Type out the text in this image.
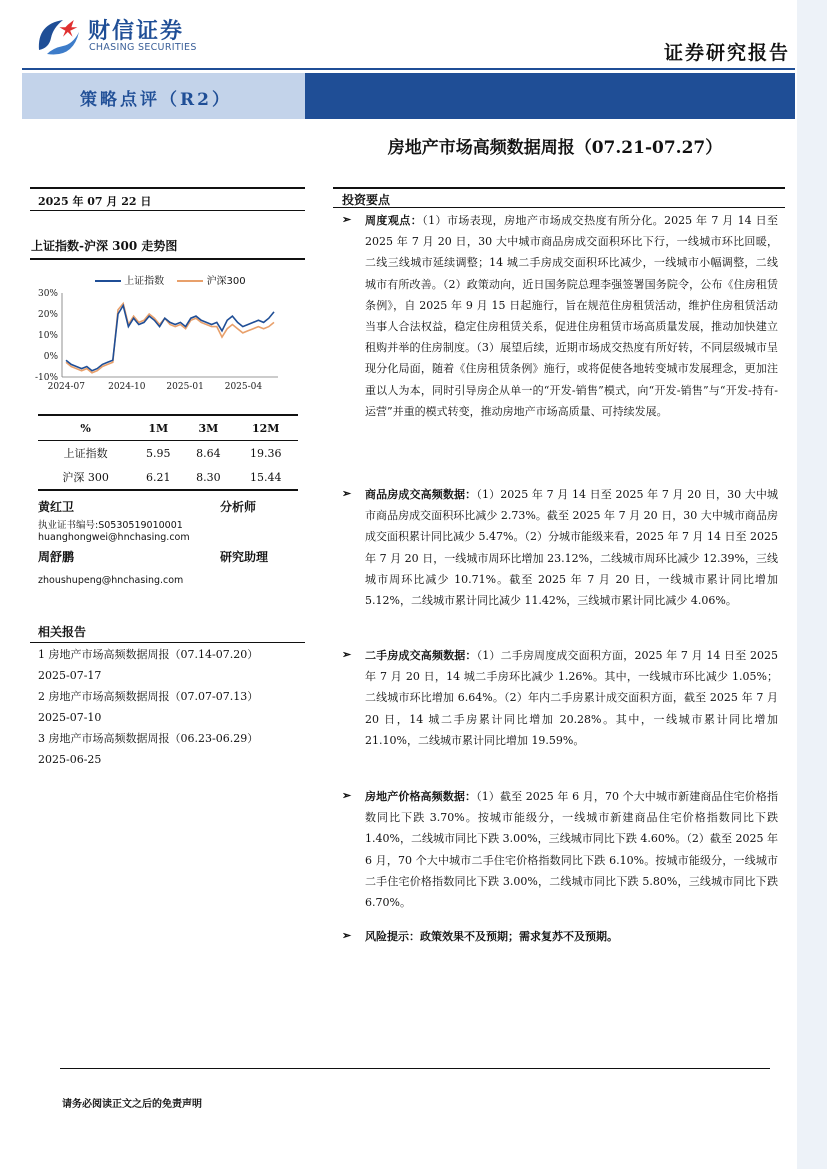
财信证券
CHASING SECURITIES	证券研究报告
策略点评（R2）
房地产市场高频数据周报（07.21-07.27）
2025 年 07 月 22 日
上证指数-沪深 300 走势图
上证指数	沪深300
30%
20%
10%
0%
-10%
2024-07	2024-10 2025-01 2025-04
%	1M	3M	12M
上证指数	5.95	8.64	19.36
沪深 300	6.21	8.30	15.44
黄红卫	分析师
执业证书编号:S0530519010001
huanghongwei@hnchasing.com
周舒鹏	研究助理
zhoushupeng@hnchasing.com
相关报告
1 房地产市场高频数据周报（07.14-07.20）
2025-07-17
2 房地产市场高频数据周报（07.07-07.13）
2025-07-10
3 房地产市场高频数据周报（06.23-06.29）
2025-06-25
投资要点
➢ 周度观点：（1）市场表现，房地产市场成交热度有所分化。2025 年 7 月 14 日至 2025 年 7 月 20 日，30 大中城市商品房成交面积环比下行，一线城市环比回暖，二线三线城市延续调整；14 城二手房成交面积环比减少，一线城市小幅调整，二线城市有所改善。（2）政策动向，近日国务院总理李强签署国务院令，公布《住房租赁条例》，自 2025 年 9 月 15 日起施行，旨在规范住房租赁活动，维护住房租赁活动当事人合法权益，稳定住房租赁关系，促进住房租赁市场高质量发展，推动加快建立租购并举的住房制度。（3）展望后续，近期市场成交热度有所好转，不同层级城市呈现分化局面，随着《住房租赁条例》施行，或将促使各地转变城市发展理念，更加注重以人为本，同时引导房企从单一的“开发-销售”模式，向“开发-销售”与“开发-持有-运营”并重的模式转变，推动房地产市场高质量、可持续发展。
➢ 商品房成交高频数据：（1）2025 年 7 月 14 日至 2025 年 7 月 20 日，30 大中城市商品房成交面积环比减少 2.73%。截至 2025 年 7 月 20 日，30 大中城市商品房成交面积累计同比减少 5.47%。（2）分城市能级来看，2025 年 7 月 14 日至 2025 年 7 月 20 日，一线城市周环比增加 23.12%，二线城市周环比减少 12.39%，三线城市周环比减少 10.71%。截至 2025 年 7 月 20 日，一线城市累计同比增加 5.12%，二线城市累计同比减少 11.42%，三线城市累计同比减少 4.06%。
➢ 二手房成交高频数据：（1）二手房周度成交面积方面，2025 年 7 月 14 日至 2025 年 7 月 20 日，14 城二手房环比减少 1.26%。其中，一线城市环比减少 1.05%；二线城市环比增加 6.64%。（2）年内二手房累计成交面积方面，截至 2025 年 7 月 20 日，14 城二手房累计同比增加 20.28%。其中，一线城市累计同比增加 21.10%，二线城市累计同比增加 19.59%。
➢ 房地产价格高频数据：（1）截至 2025 年 6 月，70 个大中城市新建商品住宅价格指数同比下跌 3.70%。按城市能级分，一线城市新建商品住宅价格指数同比下跌 1.40%，二线城市同比下跌 3.00%，三线城市同比下跌 4.60%。（2）截至 2025 年 6 月，70 个大中城市二手住宅价格指数同比下跌 6.10%。按城市能级分，一线城市二手住宅价格指数同比下跌 3.00%，二线城市同比下跌 5.80%，三线城市同比下跌 6.70%。
➢ 风险提示：政策效果不及预期；需求复苏不及预期。
请务必阅读正文之后的免责声明
